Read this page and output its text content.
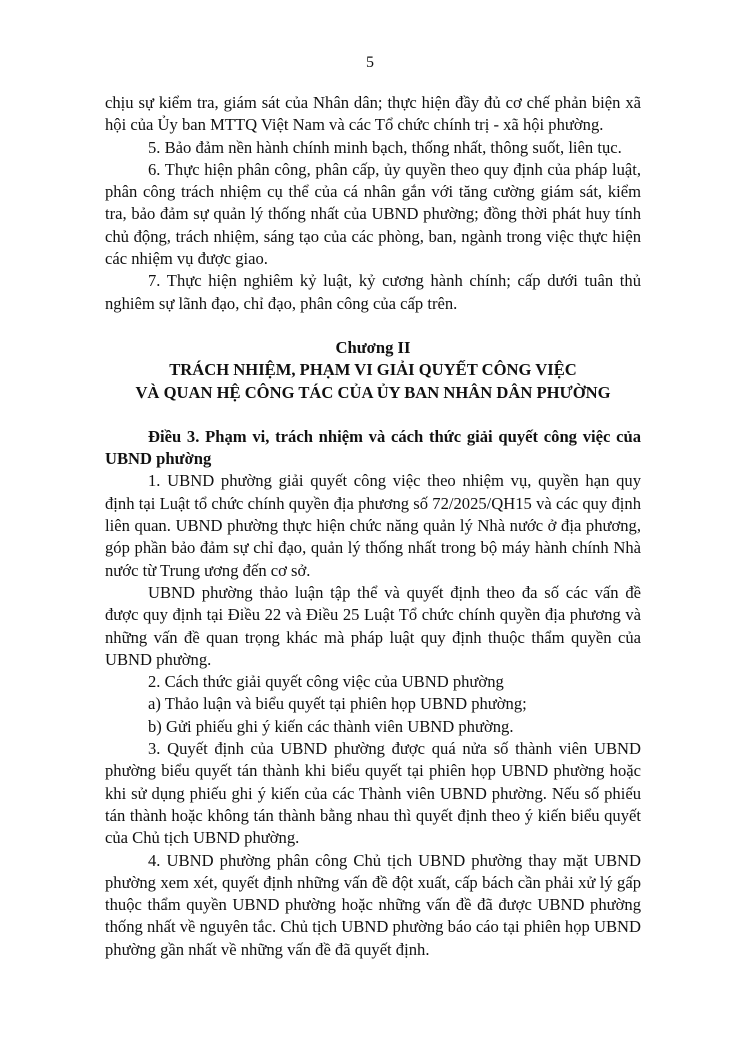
5

chịu sự kiểm tra, giám sát của Nhân dân; thực hiện đầy đủ cơ chế phản biện xã hội của Ủy ban MTTQ Việt Nam và các Tổ chức chính trị - xã hội phường.

5. Bảo đảm nền hành chính minh bạch, thống nhất, thông suốt, liên tục.

6. Thực hiện phân công, phân cấp, ủy quyền theo quy định của pháp luật, phân công trách nhiệm cụ thể của cá nhân gắn với tăng cường giám sát, kiểm tra, bảo đảm sự quản lý thống nhất của UBND phường; đồng thời phát huy tính chủ động, trách nhiệm, sáng tạo của các phòng, ban, ngành trong việc thực hiện các nhiệm vụ được giao.

7. Thực hiện nghiêm kỷ luật, kỷ cương hành chính; cấp dưới tuân thủ nghiêm sự lãnh đạo, chỉ đạo, phân công của cấp trên.

Chương II

TRÁCH NHIỆM, PHẠM VI GIẢI QUYẾT CÔNG VIỆC
VÀ QUAN HỆ CÔNG TÁC CỦA ỦY BAN NHÂN DÂN PHƯỜNG

Điều 3. Phạm vi, trách nhiệm và cách thức giải quyết công việc của UBND phường

1. UBND phường giải quyết công việc theo nhiệm vụ, quyền hạn quy định tại Luật tổ chức chính quyền địa phương số 72/2025/QH15 và các quy định liên quan. UBND phường thực hiện chức năng quản lý Nhà nước ở địa phương, góp phần bảo đảm sự chỉ đạo, quản lý thống nhất trong bộ máy hành chính Nhà nước từ Trung ương đến cơ sở.

UBND phường thảo luận tập thể và quyết định theo đa số các vấn đề được quy định tại Điều 22 và Điều 25 Luật Tổ chức chính quyền địa phương và những vấn đề quan trọng khác mà pháp luật quy định thuộc thẩm quyền của UBND phường.

2. Cách thức giải quyết công việc của UBND phường

a) Thảo luận và biểu quyết tại phiên họp UBND phường;

b) Gửi phiếu ghi ý kiến các thành viên UBND phường.

3. Quyết định của UBND phường được quá nửa số thành viên UBND phường biểu quyết tán thành khi biểu quyết tại phiên họp UBND phường hoặc khi sử dụng phiếu ghi ý kiến của các Thành viên UBND phường. Nếu số phiếu tán thành hoặc không tán thành bằng nhau thì quyết định theo ý kiến biểu quyết của Chủ tịch UBND phường.

4. UBND phường phân công Chủ tịch UBND phường thay mặt UBND phường xem xét, quyết định những vấn đề đột xuất, cấp bách cần phải xử lý gấp thuộc thẩm quyền UBND phường hoặc những vấn đề đã được UBND phường thống nhất về nguyên tắc. Chủ tịch UBND phường báo cáo tại phiên họp UBND phường gần nhất về những vấn đề đã quyết định.
